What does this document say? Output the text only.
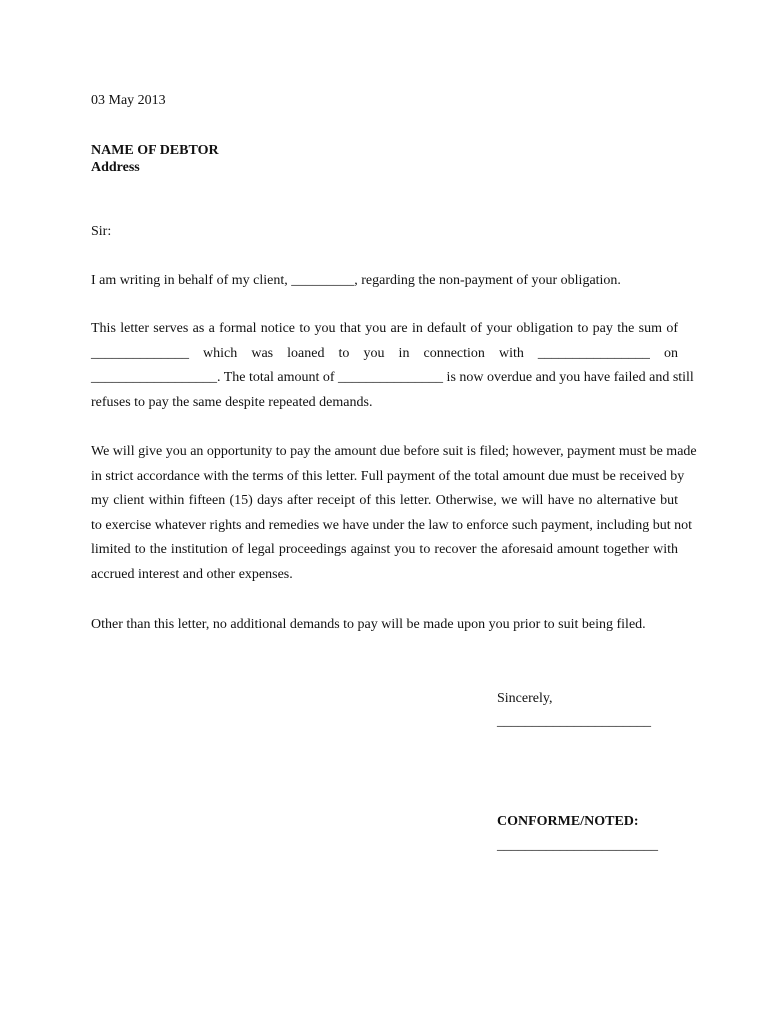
03 May 2013
NAME OF DEBTOR
Address
Sir:
I am writing in behalf of my client, _________, regarding the non-payment of your obligation.
This letter serves as a formal notice to you that you are in default of your obligation to pay the sum of
______________ which was loaned to you in connection with ________________ on
__________________. The total amount of _______________ is now overdue and you have failed and still
refuses to pay the same despite repeated demands.
We will give you an opportunity to pay the amount due before suit is filed; however, payment must be made
in strict accordance with the terms of this letter. Full payment of the total amount due must be received by
my client within fifteen (15) days after receipt of this letter. Otherwise, we will have no alternative but
to exercise whatever rights and remedies we have under the law to enforce such payment, including but not
limited to the institution of legal proceedings against you to recover the aforesaid amount together with
accrued interest and other expenses.
Other than this letter, no additional demands to pay will be made upon you prior to suit being filed.
Sincerely,
______________________
CONFORME/NOTED:
_______________________
